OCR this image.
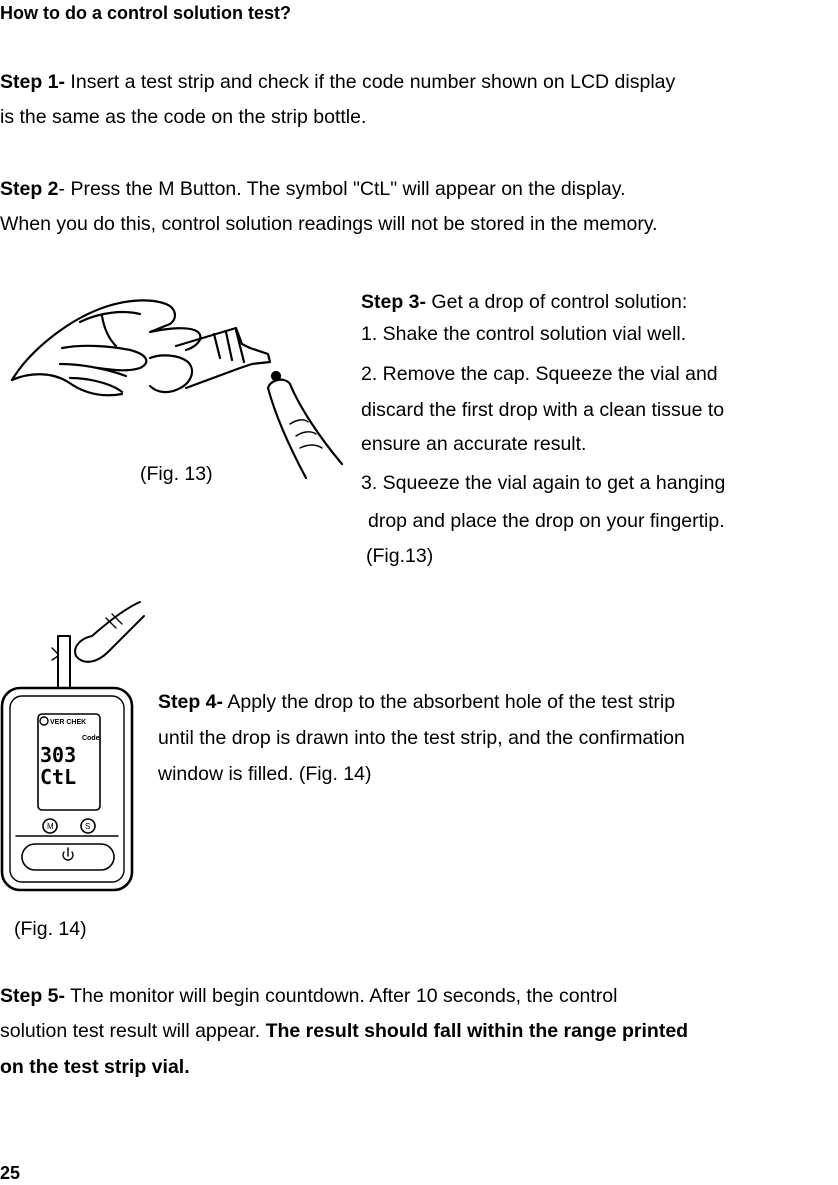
How to do a control solution test?
Step 1- Insert a test strip and check if the code number shown on LCD display
is the same as the code on the strip bottle.
Step 2- Press the M Button. The symbol "CtL" will appear on the display.
When you do this, control solution readings will not be stored in the memory.
(Fig. 13)
Step 3- Get a drop of control solution:
1. Shake the control solution vial well.
2. Remove the cap. Squeeze the vial and
discard the first drop with a clean tissue to
ensure an accurate result.
3. Squeeze the vial again to get a hanging
drop and place the drop on your fingertip.
(Fig.13)
VER CHEK
Code
303
CtL
M	S
Step 4- Apply the drop to the absorbent hole of the test strip
until the drop is drawn into the test strip, and the confirmation
window is filled. (Fig. 14)
(Fig. 14)
Step 5- The monitor will begin countdown. After 10 seconds, the control
solution test result will appear. The result should fall within the range printed
on the test strip vial.
25
